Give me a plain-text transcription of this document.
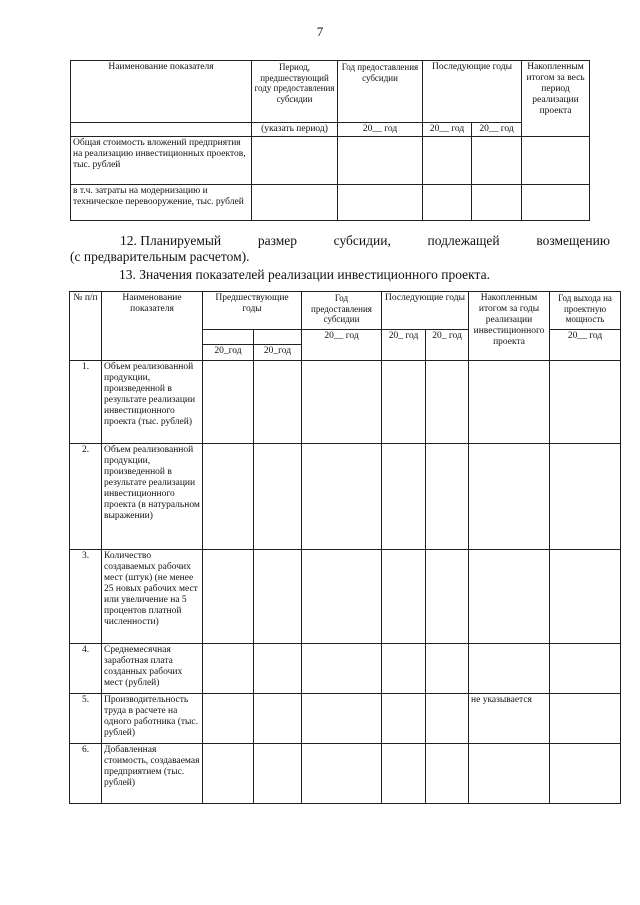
7
Наименование показателя	Период, предшествующий году предоставления субсидии	Год предоставления субсидии	Последующие годы		Накопленным итогом за весь период реализации проекта
	(указать период)	20__ год	20__ год	20__ год	
Общая стоимость вложений предприятия на реализацию инвестиционных проектов, тыс. рублей					
в т.ч. затраты на модернизацию и техническое перевооружение, тыс. рублей					
12. Планируемый	размер	субсидии,	подлежащей	возмещению
(с предварительным расчетом).
13. Значения показателей реализации инвестиционного проекта.
№ п/п	Наименование показателя	Предшествующие годы		Год предоставления субсидии	Последующие годы		Накопленным итогом за годы реализации инвестиционного проекта	Год выхода на проектную мощность
				20__ год	20_ год	20_ год		20__ год
		20_год	20_год					
1.	Объем реализованной продукции, произведенной в результате реализации инвестиционного проекта (тыс. рублей)							
2.	Объем реализованной продукции, произведенной в результате реализации инвестиционного проекта (в натуральном выражении)							
3.	Количество создаваемых рабочих мест (штук) (не менее 25 новых рабочих мест или увеличение на 5 процентов платной численности)							
4.	Среднемесячная заработная плата созданных рабочих мест (рублей)							
5.	Производительность труда в расчете на одного работника (тыс. рублей)						не указывается	
6.	Добавленная стоимость, создаваемая предприятием (тыс. рублей)							
